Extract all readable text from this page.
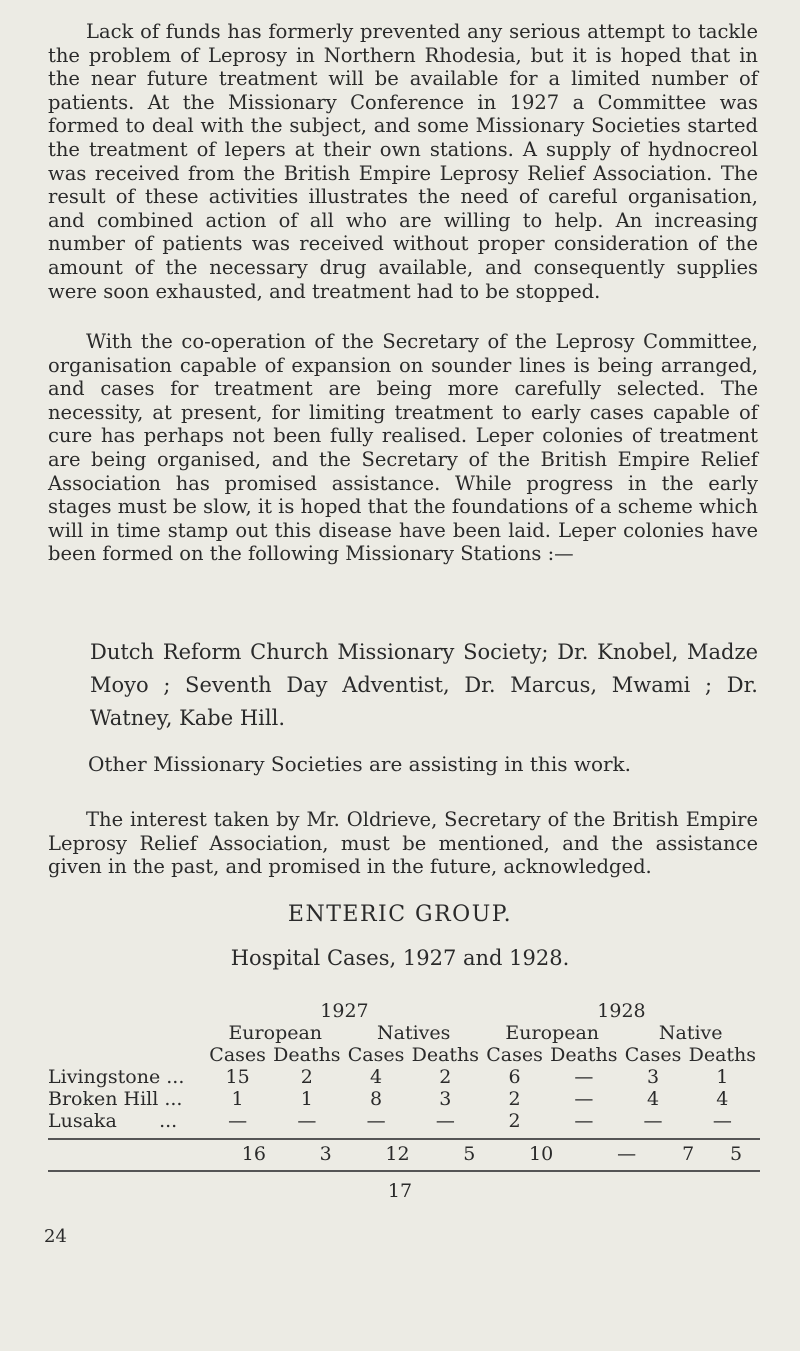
Lack of funds has formerly prevented any serious attempt to tackle the problem of Leprosy in Northern Rhodesia, but it is hoped that in the near future treatment will be available for a limited number of patients. At the Missionary Conference in 1927 a Committee was formed to deal with the subject, and some Missionary Societies started the treatment of lepers at their own stations. A supply of hydnocreol was received from the British Empire Leprosy Relief Association. The result of these activities illustrates the need of careful organisation, and combined action of all who are willing to help. An increasing number of patients was received without proper consideration of the amount of the necessary drug available, and consequently supplies were soon exhausted, and treatment had to be stopped.

With the co-operation of the Secretary of the Leprosy Committee, organisation capable of expansion on sounder lines is being arranged, and cases for treatment are being more carefully selected. The necessity, at present, for limiting treatment to early cases capable of cure has perhaps not been fully realised. Leper colonies of treatment are being organised, and the Secretary of the British Empire Relief Association has promised assistance. While progress in the early stages must be slow, it is hoped that the foundations of a scheme which will in time stamp out this disease have been laid. Leper colonies have been formed on the following Missionary Stations :—

Dutch Reform Church Missionary Society; Dr. Knobel, Madze Moyo ; Seventh Day Adventist, Dr. Marcus, Mwami ; Dr. Watney, Kabe Hill.

Other Missionary Societies are assisting in this work.

The interest taken by Mr. Oldrieve, Secretary of the British Empire Leprosy Relief Association, must be mentioned, and the assistance given in the past, and promised in the future, acknowledged.

ENTERIC GROUP.
Hospital Cases, 1927 and 1928.
	1927				1928			
	European		Natives		European		Native	
	Cases	Deaths	Cases	Deaths	Cases	Deaths	Cases	Deaths
Livingstone ...	15	2	4	2	6	—	3	1
Broken Hill ...	1	1	8	3	2	—	4	4
Lusaka ...	—	—	—	—	2	—	—	—
	16	3	12	5	10	—	7	5

17

24
